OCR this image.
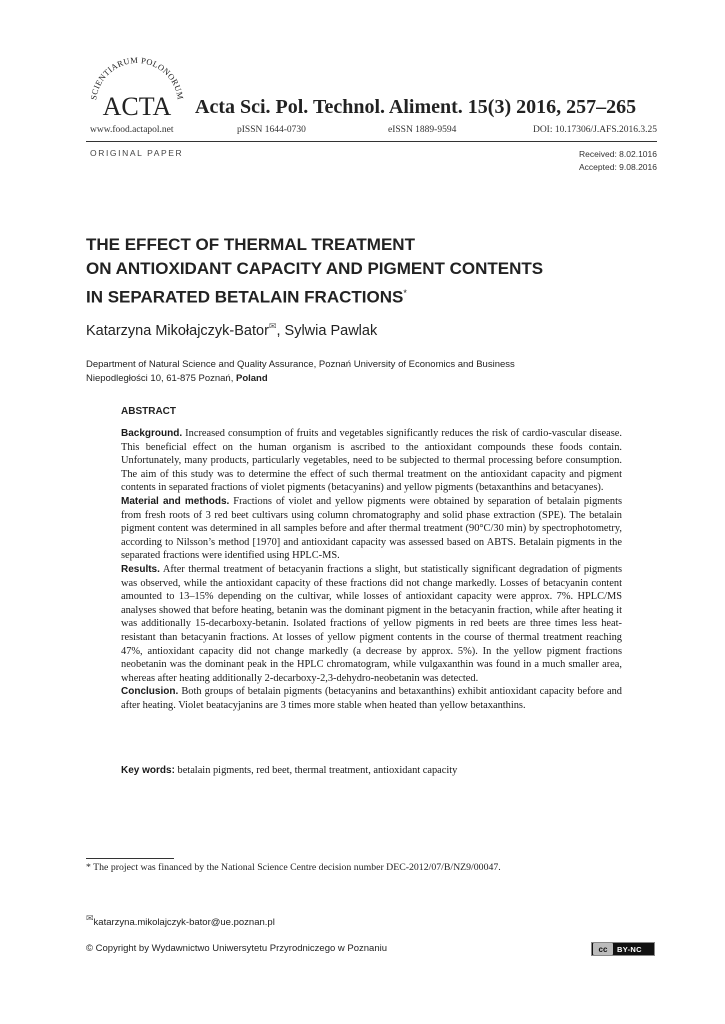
SCIENTIARUM POLONORUM
ACTA Acta Sci. Pol. Technol. Aliment. 15(3) 2016, 257–265
www.food.actapol.net	pISSN 1644-0730	eISSN 1889-9594	DOI: 10.17306/J.AFS.2016.3.25
ORIGINAL PAPER	Received: 8.02.1016
Accepted: 9.08.2016
THE EFFECT OF THERMAL TREATMENT
ON ANTIOXIDANT CAPACITY AND PIGMENT CONTENTS
IN SEPARATED BETALAIN FRACTIONS*
Katarzyna Mikołajczyk-Bator✉, Sylwia Pawlak
Department of Natural Science and Quality Assurance, Poznań University of Economics and Business
Niepodległości 10, 61-875 Poznań, Poland
ABSTRACT

Background. Increased consumption of fruits and vegetables significantly reduces the risk of cardio-vascular disease. This beneficial effect on the human organism is ascribed to the antioxidant compounds these foods contain. Unfortunately, many products, particularly vegetables, need to be subjected to thermal processing before consumption. The aim of this study was to determine the effect of such thermal treatment on the antioxidant capacity and pigment contents in separated fractions of violet pigments (betacyanins) and yellow pigments (betaxanthins and betacyanes).

Material and methods. Fractions of violet and yellow pigments were obtained by separation of betalain pigments from fresh roots of 3 red beet cultivars using column chromatography and solid phase extraction (SPE). The betalain pigment content was determined in all samples before and after thermal treatment (90°C/30 min) by spectrophotometry, according to Nilsson’s method [1970] and antioxidant capacity was assessed based on ABTS. Betalain pigments in the separated fractions were identified using HPLC-MS.

Results. After thermal treatment of betacyanin fractions a slight, but statistically significant degradation of pigments was observed, while the antioxidant capacity of these fractions did not change markedly. Losses of betacyanin content amounted to 13–15% depending on the cultivar, while losses of antioxidant capacity were approx. 7%. HPLC/MS analyses showed that before heating, betanin was the dominant pigment in the betacyanin fraction, while after heating it was additionally 15-decarboxy-betanin. Isolated fractions of yellow pigments in red beets are three times less heat-resistant than betacyanin fractions. At losses of yellow pigment contents in the course of thermal treatment reaching 47%, antioxidant capacity did not change markedly (a decrease by approx. 5%). In the yellow pigment fractions neobetanin was the dominant peak in the HPLC chromatogram, while vulgaxanthin was found in a much smaller area, whereas after heating additionally 2-decarboxy-2,3-dehydro-neobetanin was detected.

Conclusion. Both groups of betalain pigments (betacyanins and betaxanthins) exhibit antioxidant capacity before and after heating. Violet beatacyjanins are 3 times more stable when heated than yellow betaxanthins.

Key words: betalain pigments, red beet, thermal treatment, antioxidant capacity
* The project was financed by the National Science Centre decision number DEC-2012/07/B/NZ9/00047.
✉katarzyna.mikolajczyk-bator@ue.poznan.pl
© Copyright by Wydawnictwo Uniwersytetu Przyrodniczego w Poznaniu	cc	BY-NC
